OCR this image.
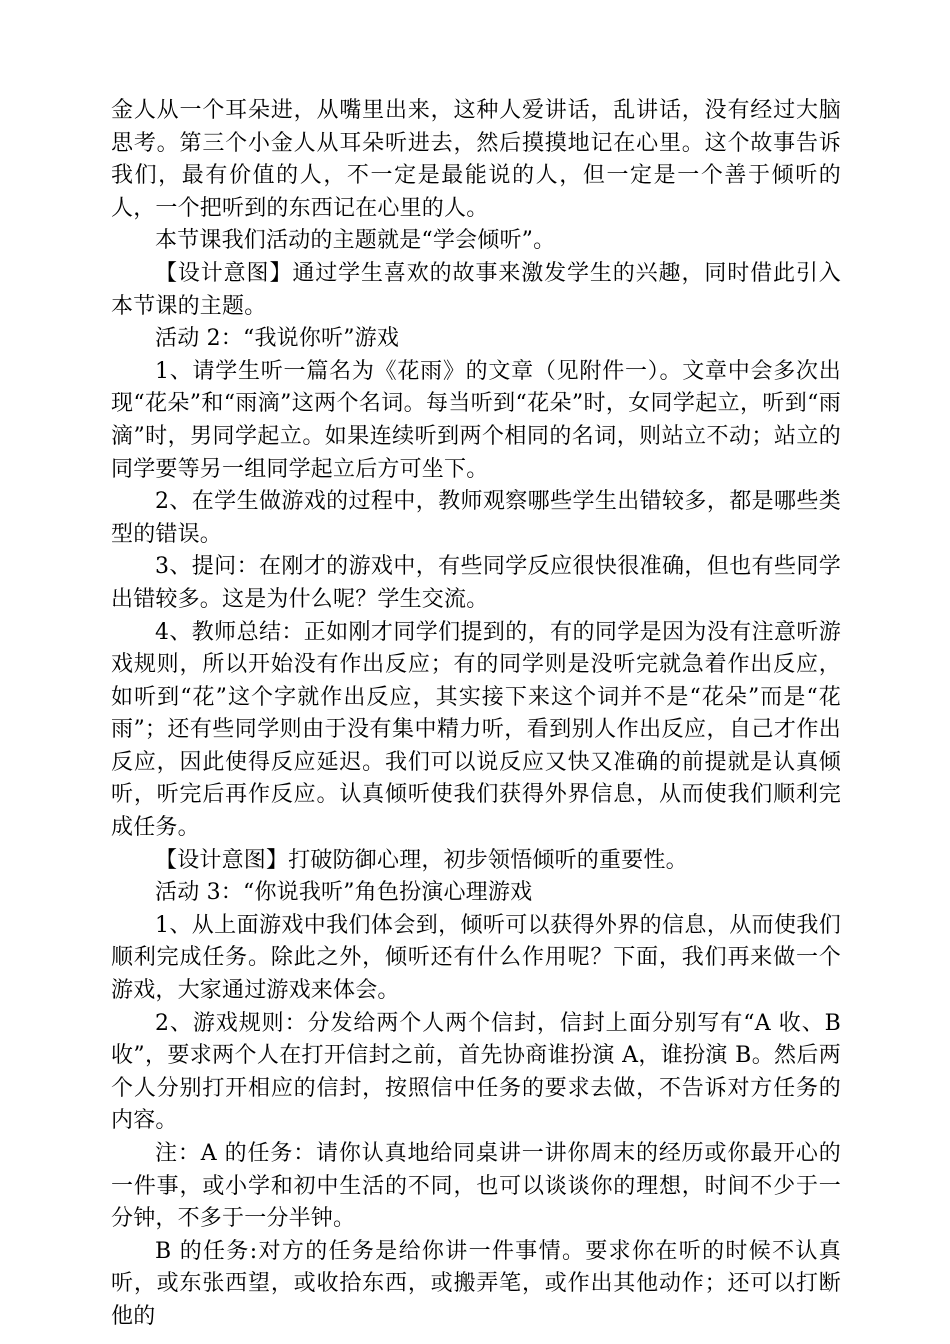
金人从一个耳朵进，从嘴里出来，这种人爱讲话，乱讲话，没有经过大脑思考。第三个小金人从耳朵听进去，然后摸摸地记在心里。这个故事告诉我们，最有价值的人，不一定是最能说的人，但一定是一个善于倾听的人，一个把听到的东西记在心里的人。

本节课我们活动的主题就是“学会倾听”。

【设计意图】通过学生喜欢的故事来激发学生的兴趣，同时借此引入本节课的主题。

活动 2：“我说你听”游戏

1、请学生听一篇名为《花雨》的文章（见附件一）。文章中会多次出现“花朵”和“雨滴”这两个名词。每当听到“花朵”时，女同学起立，听到“雨滴”时，男同学起立。如果连续听到两个相同的名词，则站立不动；站立的同学要等另一组同学起立后方可坐下。

2、在学生做游戏的过程中，教师观察哪些学生出错较多，都是哪些类型的错误。

3、提问：在刚才的游戏中，有些同学反应很快很准确，但也有些同学出错较多。这是为什么呢？学生交流。

4、教师总结：正如刚才同学们提到的，有的同学是因为没有注意听游戏规则，所以开始没有作出反应；有的同学则是没听完就急着作出反应，如听到“花”这个字就作出反应，其实接下来这个词并不是“花朵”而是“花雨”；还有些同学则由于没有集中精力听，看到别人作出反应，自己才作出反应，因此使得反应延迟。我们可以说反应又快又准确的前提就是认真倾听，听完后再作反应。认真倾听使我们获得外界信息，从而使我们顺利完成任务。

【设计意图】打破防御心理，初步领悟倾听的重要性。

活动 3：“你说我听”角色扮演心理游戏

1、从上面游戏中我们体会到，倾听可以获得外界的信息，从而使我们顺利完成任务。除此之外，倾听还有什么作用呢？下面，我们再来做一个游戏，大家通过游戏来体会。

2、游戏规则：分发给两个人两个信封，信封上面分别写有“A 收、B 收”，要求两个人在打开信封之前，首先协商谁扮演 A，谁扮演 B。然后两个人分别打开相应的信封，按照信中任务的要求去做，不告诉对方任务的内容。

注：A 的任务：请你认真地给同桌讲一讲你周末的经历或你最开心的一件事，或小学和初中生活的不同，也可以谈谈你的理想，时间不少于一分钟，不多于一分半钟。

B 的任务:对方的任务是给你讲一件事情。要求你在听的时候不认真听，或东张西望，或收拾东西，或搬弄笔，或作出其他动作；还可以打断他的
